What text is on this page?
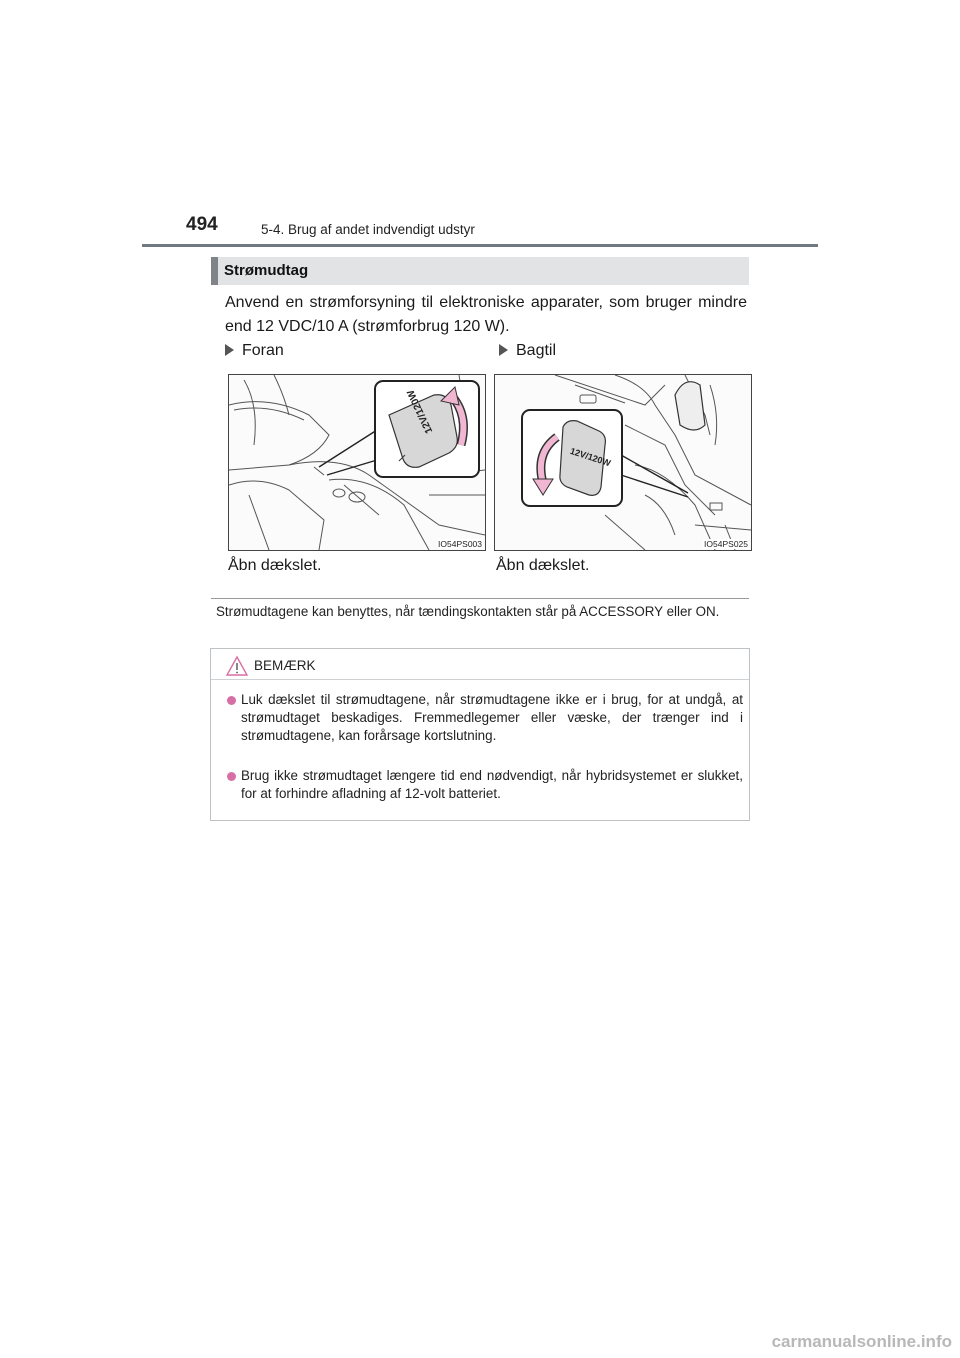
494	5-4. Brug af andet indvendigt udstyr
Strømudtag
Anvend en strømforsyning til elektroniske apparater, som bruger mindre end 12 VDC/10 A (strømforbrug 120 W).
Foran	Bagtil
12V/120W
IO54PS003
12V/120W
IO54PS025
Åbn dækslet.	Åbn dækslet.
Strømudtagene kan benyttes, når tændingskontakten står på ACCESSORY eller ON.
BEMÆRK
Luk dækslet til strømudtagene, når strømudtagene ikke er i brug, for at undgå, at strømudtaget beskadiges. Fremmedlegemer eller væske, der trænger ind i strømudtagene, kan forårsage kortslutning.
Brug ikke strømudtaget længere tid end nødvendigt, når hybridsystemet er slukket, for at forhindre afladning af 12-volt batteriet.
carmanualsonline.info
